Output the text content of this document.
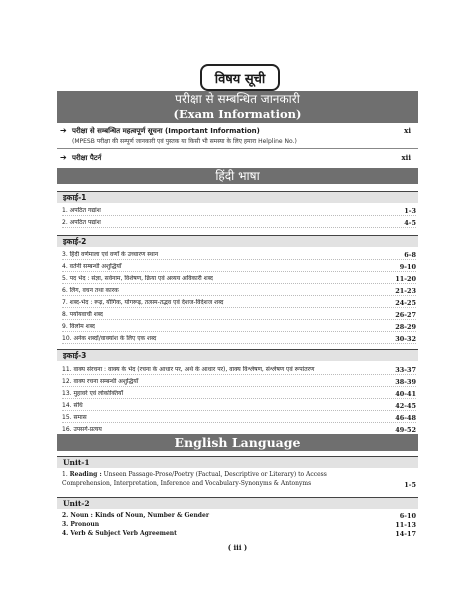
विषय सूची
परीक्षा से सम्बन्धित जानकारी
(Exam Information)
➔ परीक्षा से सम्बन्धित महत्वपूर्ण सूचना (Important Information)	xi
(MPESB परीक्षा की सम्पूर्ण जानकारी एवं पुस्तक या किसी भी समस्या के लिए हमारा Helpline No.)
➔ परीक्षा पैटर्न	xii
हिंदी भाषा
इकाई-1
1. अपठित गद्यांश	1-3
2. अपठित पद्यांश	4-5
इकाई-2
3. हिंदी वर्णमाला एवं वर्णों के उच्चारण स्थान	6-8
4. वर्तनी सम्बन्धी अशुद्धियाँ	9-10
5. पद भेद : संज्ञा, सर्वनाम, विशेषण, क्रिया एवं अव्यय अविकारी शब्द	11-20
6. लिंग, वचन तथा कारक	21-23
7. शब्द-भेद : रूढ़, यौगिक, योगरूढ़, तत्सम-तद्भव एवं देशज-विदेशज शब्द	24-25
8. पर्यायवाची शब्द	26-27
9. विलोम शब्द	28-29
10. अनेक शब्दों/वाक्यांश के लिए एक शब्द	30-32
इकाई-3
11. वाक्य संरचना : वाक्य के भेद (रचना के आधार पर, अर्थ के आधार पर), वाक्य विश्लेषण, संश्लेषण एवं रूपांतरण	33-37
12. वाक्य रचना सम्बन्धी अशुद्धियाँ	38-39
13. मुहावरे एवं लोकोक्तियाँ	40-41
14. संधि	42-45
15. समास	46-48
16. उपसर्ग-प्रत्यय	49-52
English Language
Unit-1
1. Reading : Unseen Passage-Prose/Poetry (Factual, Descriptive or Literary) to Access Comprehension, Interpretation, Inference and Vocabulary-Synonyms & Antonyms	1-5
Unit-2
2. Noun : Kinds of Noun, Number & Gender	6-10
3. Pronoun	11-13
4. Verb & Subject Verb Agreement	14-17
( iii )
